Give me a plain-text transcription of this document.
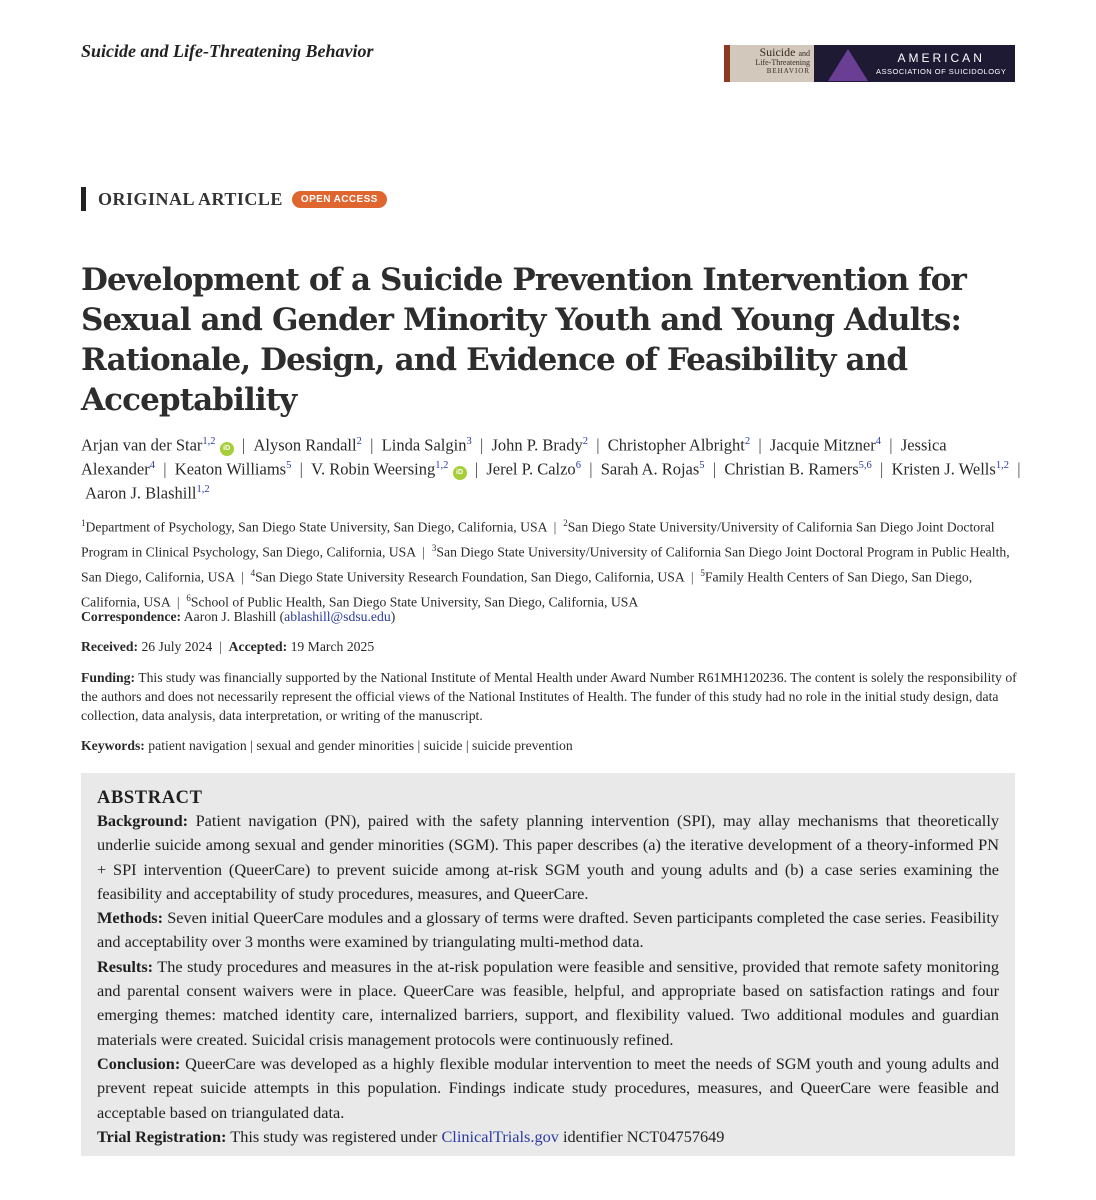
Suicide and Life-Threatening Behavior	Suicide and
Life-Threatening
BEHAVIOR
AMERICAN
ASSOCIATION OF SUICIDOLOGY
ORIGINAL ARTICLE	OPEN ACCESS
Development of a Suicide Prevention Intervention for Sexual and Gender Minority Youth and Young Adults: Rationale, Design, and Evidence of Feasibility and Acceptability
Arjan van der Star$^{1,2}$ iD  |  Alyson Randall$^2$  |  Linda Salgin$^3$  |  John P. Brady$^2$  |  Christopher Albright$^2$  |  Jacquie Mitzner$^4$  |  Jessica Alexander$^4$  |  Keaton Williams$^5$  |  V. Robin Weersing$^{1,2}$ iD  |  Jerel P. Calzo$^6$  |  Sarah A. Rojas$^5$  |  Christian B. Ramers$^{5,6}$  |  Kristen J. Wells$^{1,2}$  |  Aaron J. Blashill$^{1,2}$
$^1$Department of Psychology, San Diego State University, San Diego, California, USA  |  $^2$San Diego State University/University of California San Diego Joint Doctoral Program in Clinical Psychology, San Diego, California, USA  |  $^3$San Diego State University/University of California San Diego Joint Doctoral Program in Public Health, San Diego, California, USA  |  $^4$San Diego State University Research Foundation, San Diego, California, USA  |  $^5$Family Health Centers of San Diego, San Diego, California, USA  |  $^6$School of Public Health, San Diego State University, San Diego, California, USA
Correspondence: Aaron J. Blashill (ablashill@sdsu.edu)
Received: 26 July 2024  |  Accepted: 19 March 2025
Funding: This study was financially supported by the National Institute of Mental Health under Award Number R61MH120236. The content is solely the responsibility of the authors and does not necessarily represent the official views of the National Institutes of Health. The funder of this study had no role in the initial study design, data collection, data analysis, data interpretation, or writing of the manuscript.
Keywords: patient navigation | sexual and gender minorities | suicide | suicide prevention
ABSTRACT

Background: Patient navigation (PN), paired with the safety planning intervention (SPI), may allay mechanisms that theoretically underlie suicide among sexual and gender minorities (SGM). This paper describes (a) the iterative development of a theory-informed PN + SPI intervention (QueerCare) to prevent suicide among at-risk SGM youth and young adults and (b) a case series examining the feasibility and acceptability of study procedures, measures, and QueerCare.

Methods: Seven initial QueerCare modules and a glossary of terms were drafted. Seven participants completed the case series. Feasibility and acceptability over 3 months were examined by triangulating multi-method data.

Results: The study procedures and measures in the at-risk population were feasible and sensitive, provided that remote safety monitoring and parental consent waivers were in place. QueerCare was feasible, helpful, and appropriate based on satisfaction ratings and four emerging themes: matched identity care, internalized barriers, support, and flexibility valued. Two additional modules and guardian materials were created. Suicidal crisis management protocols were continuously refined.

Conclusion: QueerCare was developed as a highly flexible modular intervention to meet the needs of SGM youth and young adults and prevent repeat suicide attempts in this population. Findings indicate study procedures, measures, and QueerCare were feasible and acceptable based on triangulated data.

Trial Registration: This study was registered under ClinicalTrials.gov identifier NCT04757649
